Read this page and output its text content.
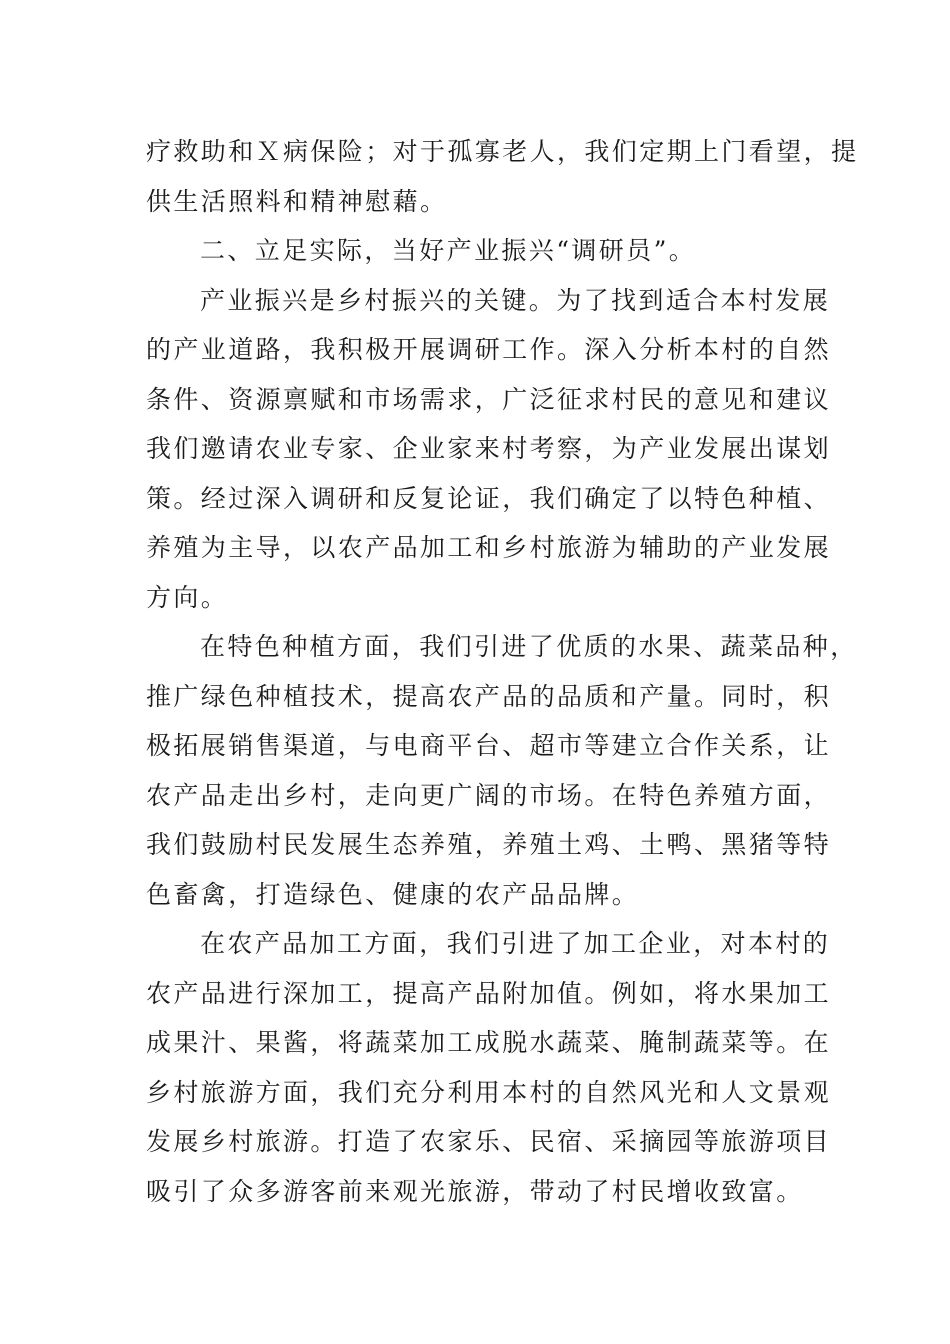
疗救助和Ｘ病保险；对于孤寡老人，我们定期上门看望，提
供生活照料和精神慰藉。
二、立足实际，当好产业振兴“调研员”。
产业振兴是乡村振兴的关键。为了找到适合本村发展
的产业道路，我积极开展调研工作。深入分析本村的自然
条件、资源禀赋和市场需求，广泛征求村民的意见和建议
我们邀请农业专家、企业家来村考察，为产业发展出谋划
策。经过深入调研和反复论证，我们确定了以特色种植、
养殖为主导，以农产品加工和乡村旅游为辅助的产业发展
方向。
在特色种植方面，我们引进了优质的水果、蔬菜品种，
推广绿色种植技术，提高农产品的品质和产量。同时，积
极拓展销售渠道，与电商平台、超市等建立合作关系，让
农产品走出乡村，走向更广阔的市场。在特色养殖方面，
我们鼓励村民发展生态养殖，养殖土鸡、土鸭、黑猪等特
色畜禽，打造绿色、健康的农产品品牌。
在农产品加工方面，我们引进了加工企业，对本村的
农产品进行深加工，提高产品附加值。例如，将水果加工
成果汁、果酱，将蔬菜加工成脱水蔬菜、腌制蔬菜等。在
乡村旅游方面，我们充分利用本村的自然风光和人文景观
发展乡村旅游。打造了农家乐、民宿、采摘园等旅游项目
吸引了众多游客前来观光旅游，带动了村民增收致富。
